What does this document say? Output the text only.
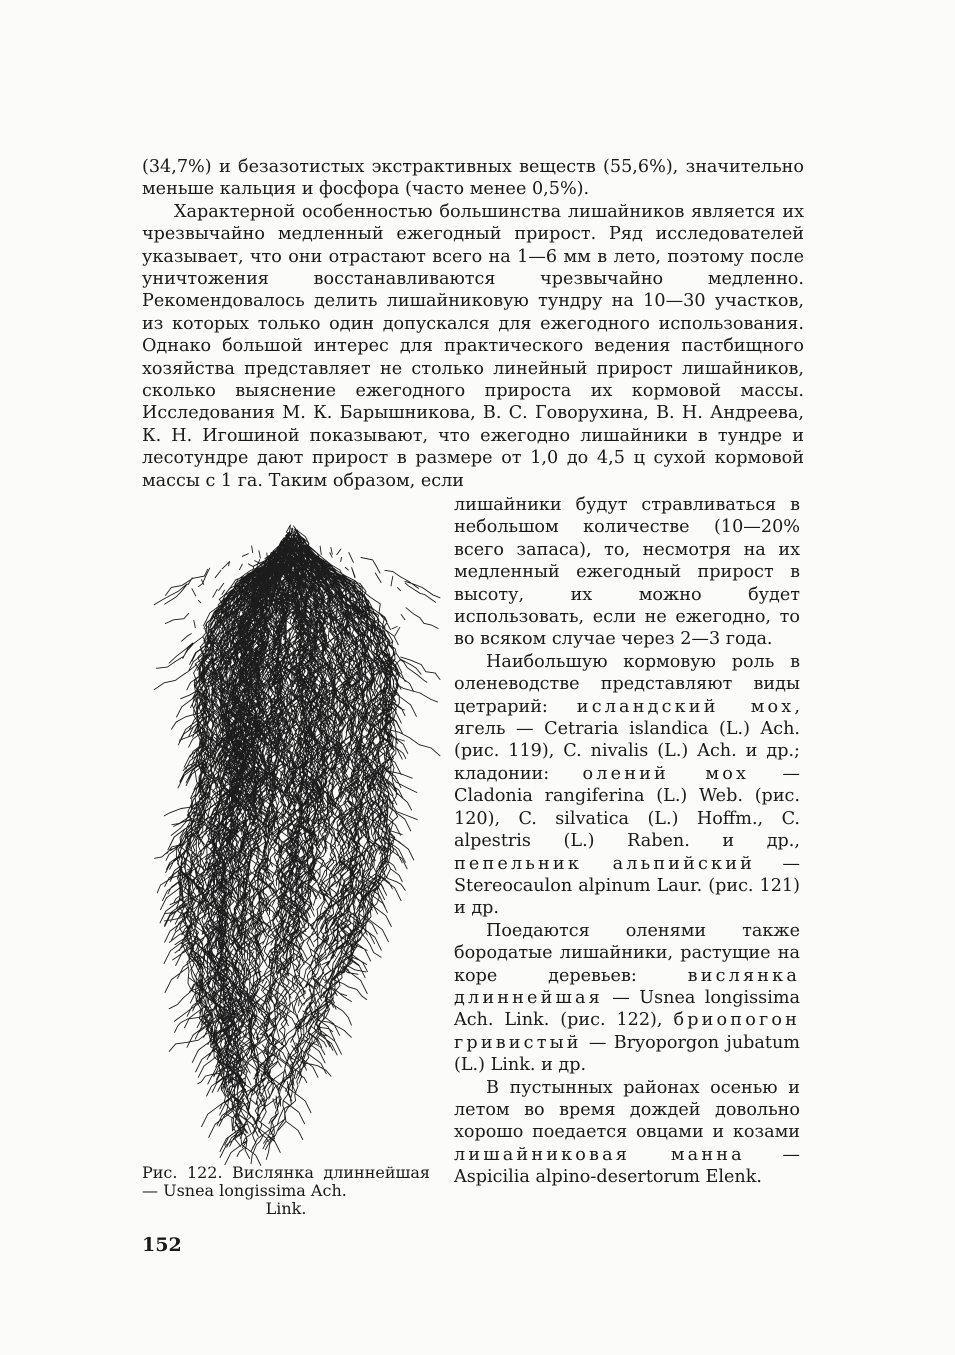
(34,7%) и безазотистых экстрактивных веществ (55,6%), значительно меньше кальция и фосфора (часто менее 0,5%).

Характерной особенностью большинства лишайников является их чрезвычайно медленный ежегодный прирост. Ряд исследователей указывает, что они отрастают всего на 1—6 мм в лето, поэтому после уничтожения восстанавливаются чрезвычайно медленно. Рекомендовалось делить лишайниковую тундру на 10—30 участков, из которых только один допускался для ежегодного использования. Однако большой интерес для практического ведения пастбищного хозяйства представляет не столько линейный прирост лишайников, сколько выяснение ежегодного прироста их кормовой массы. Исследования М. К. Барышникова, В. С. Говорухина, В. Н. Андреева, К. Н. Игошиной показывают, что ежегодно лишайники в тундре и лесотундре дают прирост в размере от 1,0 до 4,5 ц сухой кормовой массы с 1 га. Таким образом, если

Рис. 122. Вислянка длиннейшая — Usnea longissima Ach.

Link.

лишайники будут стравливаться в небольшом количестве (10—20% всего запаса), то, несмотря на их медленный ежегодный прирост в высоту, их можно будет использовать, если не ежегодно, то во всяком случае через 2—3 года.

Наибольшую кормовую роль в оленеводстве представляют виды цетрарий: исландский мох, ягель — Cetraria islandica (L.) Ach. (рис. 119), C. nivalis (L.) Ach. и др.; кладонии: олений мох — Cladonia rangiferina (L.) Web. (рис. 120), C. silvatica (L.) Hoffm., C. alpestris (L.) Raben. и др., пепельник альпийский — Stereocaulon alpinum Laur. (рис. 121) и др.

Поедаются оленями также бородатые лишайники, растущие на коре деревьев: вислянка длиннейшая — Usnea longissima Ach. Link. (рис. 122), бриопогон гривистый — Bryoporgon jubatum (L.) Link. и др.

В пустынных районах осенью и летом во время дождей довольно хорошо поедается овцами и козами лишайниковая манна — Aspicilia alpino-desertorum Elenk.

152
